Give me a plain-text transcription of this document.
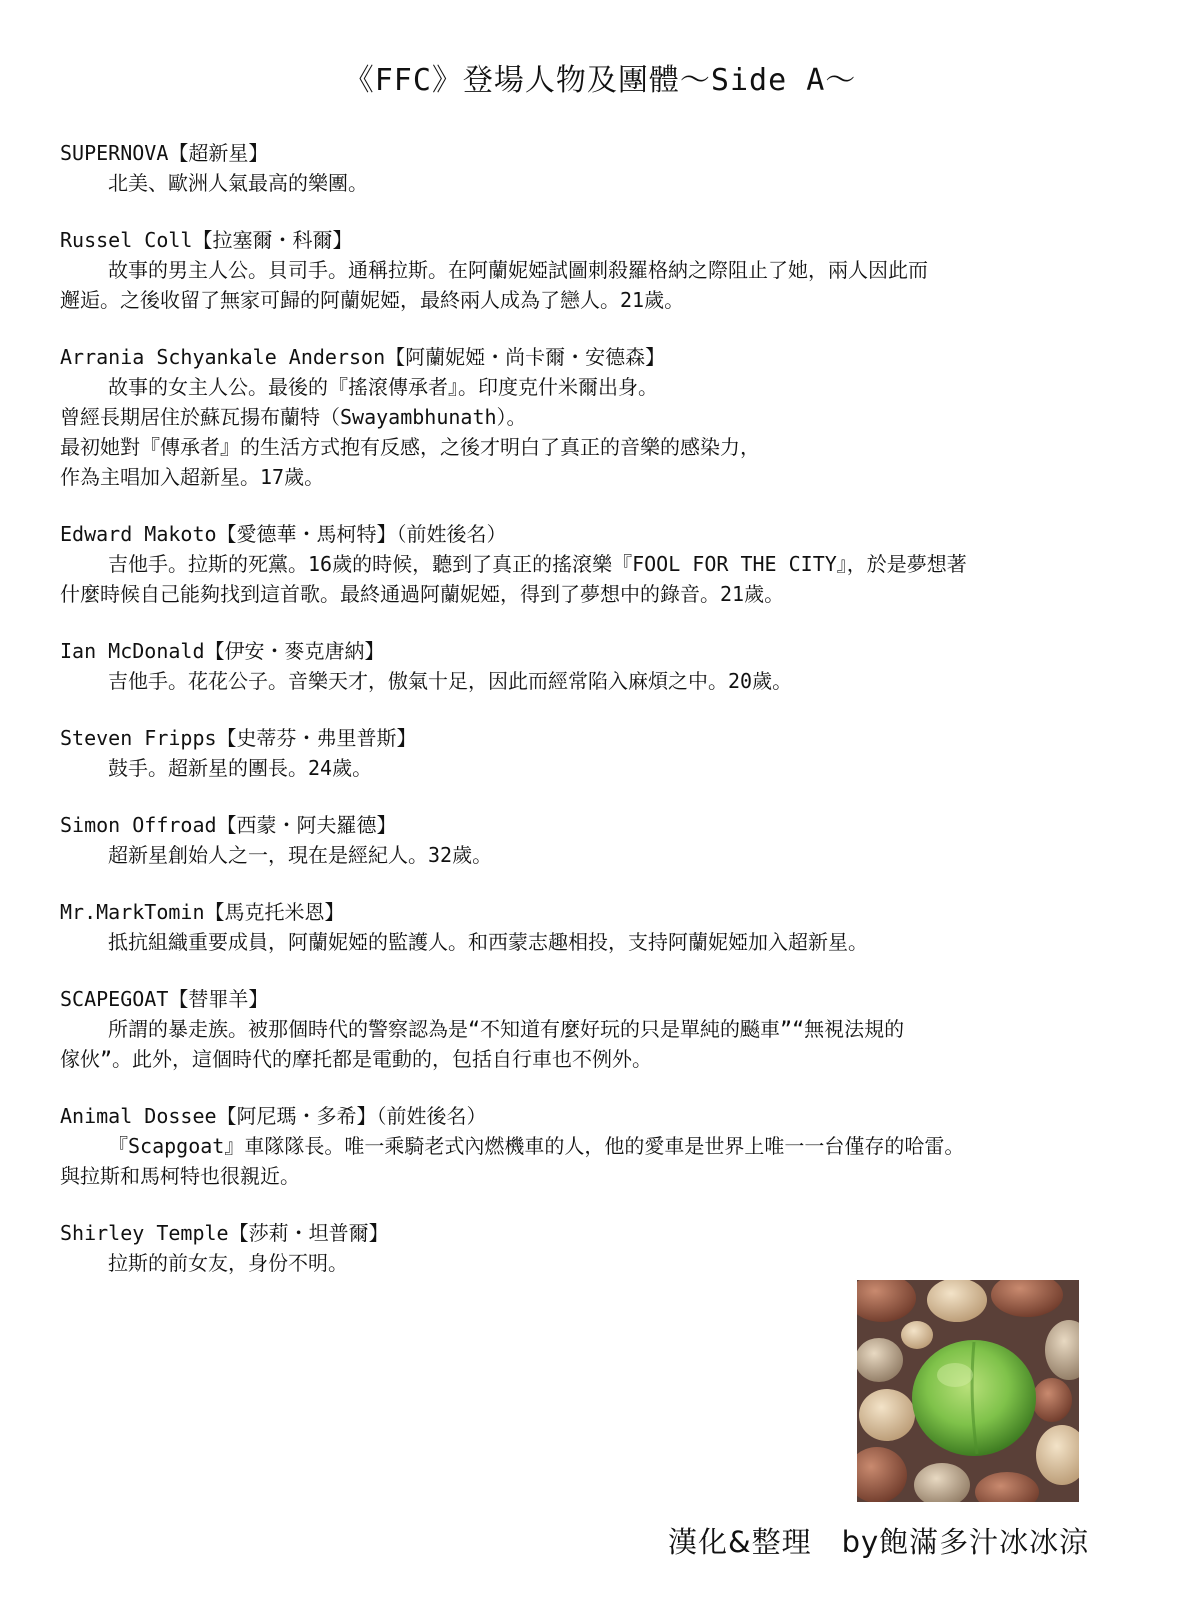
《FFC》登場人物及團體～Side A～
SUPERNOVA【超新星】

北美、歐洲人氣最高的樂團。

Russel Coll【拉塞爾・科爾】

故事的男主人公。貝司手。通稱拉斯。在阿蘭妮婭試圖刺殺羅格納之際阻止了她，兩人因此而

邂逅。之後收留了無家可歸的阿蘭妮婭，最終兩人成為了戀人。21歲。

Arrania Schyankale Anderson【阿蘭妮婭・尚卡爾・安德森】

故事的女主人公。最後的『搖滾傳承者』。印度克什米爾出身。

曾經長期居住於蘇瓦揚布蘭特（Swayambhunath）。

最初她對『傳承者』的生活方式抱有反感，之後才明白了真正的音樂的感染力，

作為主唱加入超新星。17歲。

Edward Makoto【愛德華・馬柯特】（前姓後名）

吉他手。拉斯的死黨。16歲的時候，聽到了真正的搖滾樂『FOOL FOR THE CITY』，於是夢想著

什麼時候自己能夠找到這首歌。最終通過阿蘭妮婭，得到了夢想中的錄音。21歲。

Ian McDonald【伊安・麥克唐納】

吉他手。花花公子。音樂天才，傲氣十足，因此而經常陷入麻煩之中。20歲。

Steven Fripps【史蒂芬・弗里普斯】

鼓手。超新星的團長。24歲。

Simon Offroad【西蒙・阿夫羅德】

超新星創始人之一，現在是經紀人。32歲。

Mr.MarkTomin【馬克托米恩】

抵抗組織重要成員，阿蘭妮婭的監護人。和西蒙志趣相投，支持阿蘭妮婭加入超新星。

SCAPEGOAT【替罪羊】

所謂的暴走族。被那個時代的警察認為是“不知道有麼好玩的只是單純的飈車”“無視法規的

傢伙”。此外，這個時代的摩托都是電動的，包括自行車也不例外。

Animal Dossee【阿尼瑪・多希】（前姓後名）

『Scapgoat』車隊隊長。唯一乘騎老式內燃機車的人，他的愛車是世界上唯一一台僅存的哈雷。

與拉斯和馬柯特也很親近。

Shirley Temple【莎莉・坦普爾】

拉斯的前女友，身份不明。

漢化&整理　by飽滿多汁冰冰涼
